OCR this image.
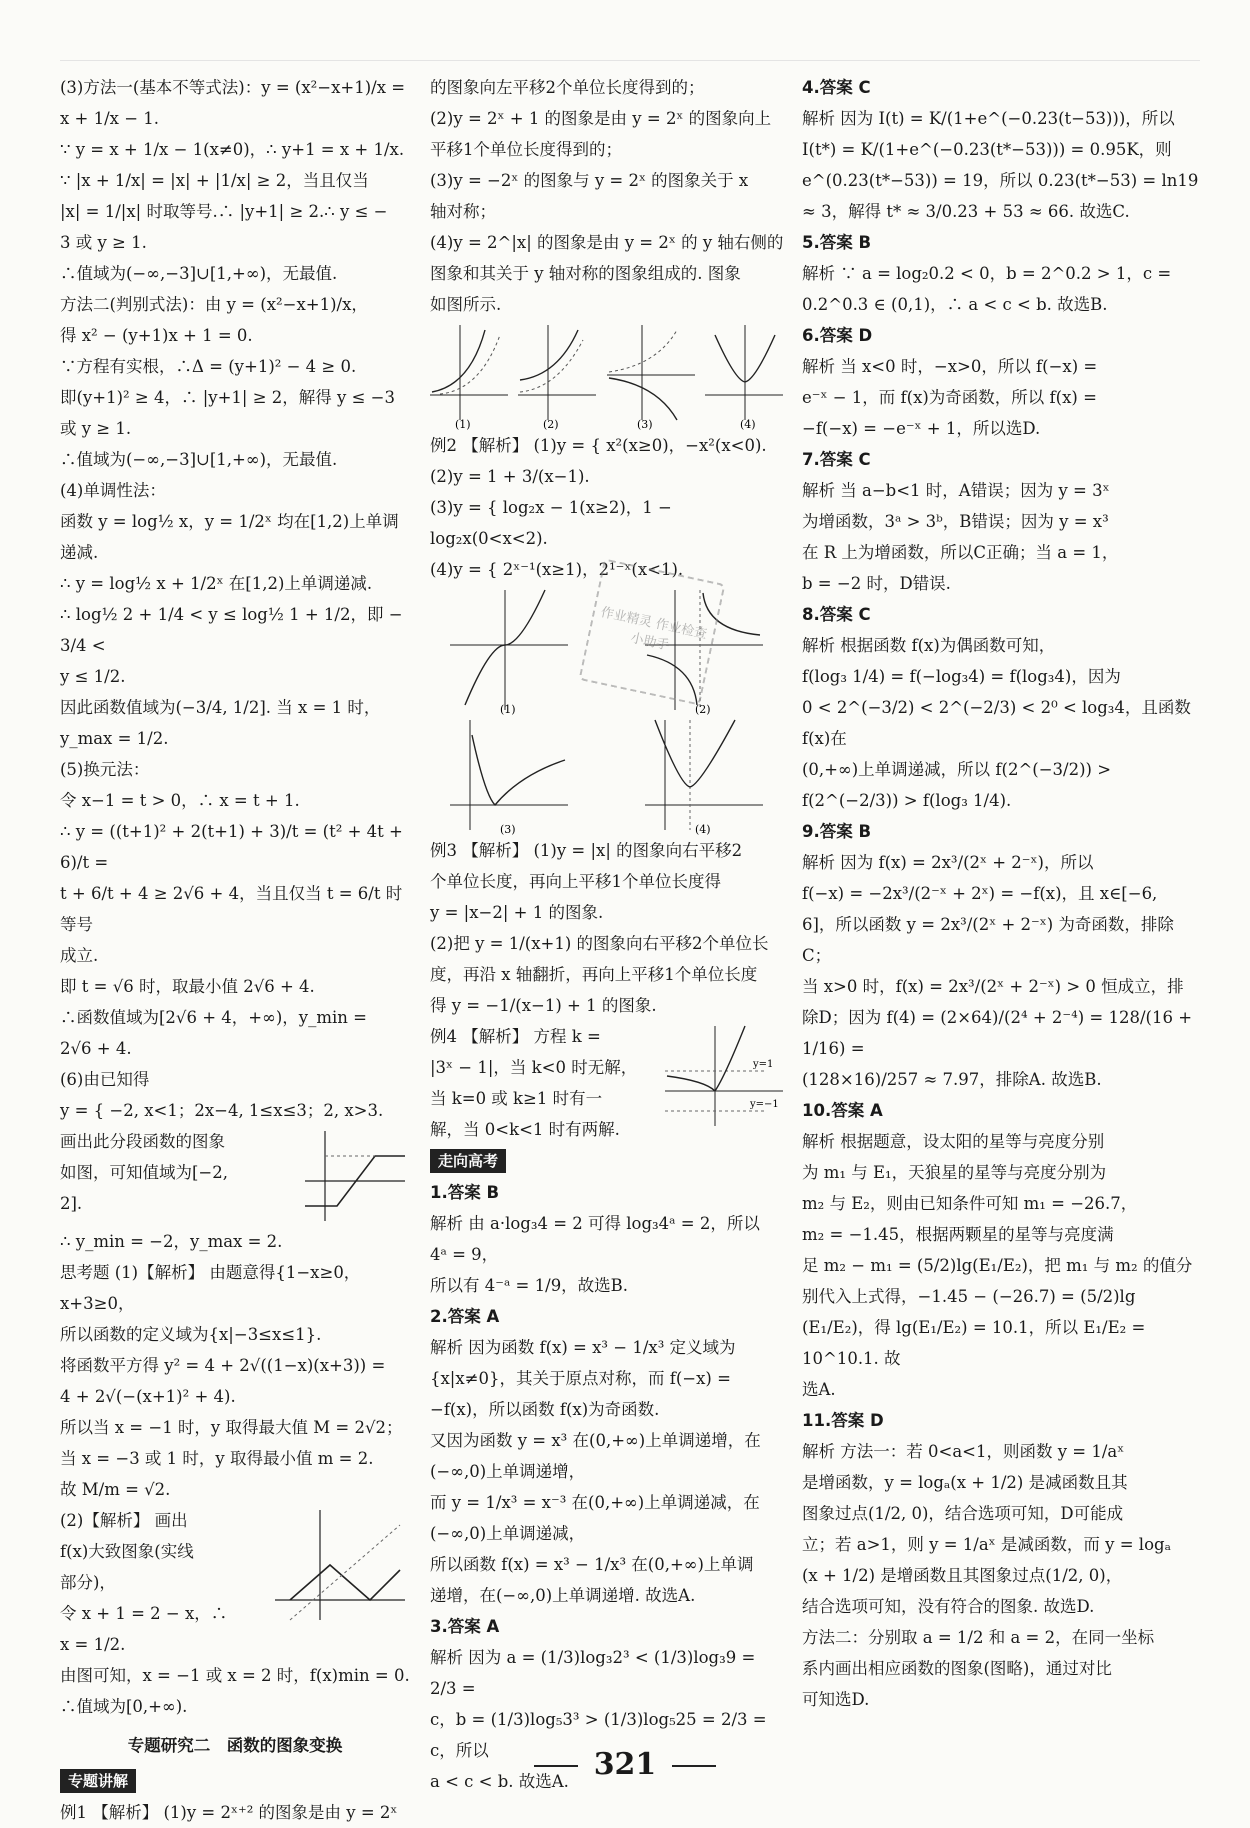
(3)方法一(基本不等式法)：y = (x²−x+1)/x =

x + 1/x − 1.

∵ y = x + 1/x − 1(x≠0)，∴ y+1 = x + 1/x.

∵ |x + 1/x| = |x| + |1/x| ≥ 2，当且仅当

|x| = 1/|x| 时取等号.∴ |y+1| ≥ 2.∴ y ≤ −

3 或 y ≥ 1.

∴值域为(−∞,−3]∪[1,+∞)，无最值.

方法二(判别式法)：由 y = (x²−x+1)/x，

得 x² − (y+1)x + 1 = 0.

∵方程有实根，∴Δ = (y+1)² − 4 ≥ 0.

即(y+1)² ≥ 4，∴ |y+1| ≥ 2，解得 y ≤ −3

或 y ≥ 1.

∴值域为(−∞,−3]∪[1,+∞)，无最值.

(4)单调性法：

函数 y = log½ x，y = 1/2ˣ 均在[1,2)上单调

递减.

∴ y = log½ x + 1/2ˣ 在[1,2)上单调递减.

∴ log½ 2 + 1/4 < y ≤ log½ 1 + 1/2，即 − 3/4 <

y ≤ 1/2.

因此函数值域为(−3/4, 1/2]. 当 x = 1 时，

y_max = 1/2.

(5)换元法：

令 x−1 = t > 0，∴ x = t + 1.

∴ y = ((t+1)² + 2(t+1) + 3)/t = (t² + 4t + 6)/t =

t + 6/t + 4 ≥ 2√6 + 4，当且仅当 t = 6/t 时等号

成立.

即 t = √6 时，取最小值 2√6 + 4.

∴函数值域为[2√6 + 4，+∞)，y_min =

2√6 + 4.

(6)由已知得

y = { −2, x<1；2x−4, 1≤x≤3；2, x>3.

画出此分段函数的图象

如图，可知值域为[−2,

2].

∴ y_min = −2，y_max = 2.

思考题 (1)【解析】 由题意得{1−x≥0，x+3≥0，

所以函数的定义域为{x|−3≤x≤1}.

将函数平方得 y² = 4 + 2√((1−x)(x+3)) =

4 + 2√(−(x+1)² + 4).

所以当 x = −1 时，y 取得最大值 M = 2√2；

当 x = −3 或 1 时，y 取得最小值 m = 2.

故 M/m = √2.

(2)【解析】 画出

f(x)大致图象(实线

部分)，

令 x + 1 = 2 − x，∴

x = 1/2.

由图可知，x = −1 或 x = 2 时，f(x)min = 0.

∴值域为[0,+∞).

专题研究二　函数的图象变换
专题讲解

例1 【解析】 (1)y = 2ˣ⁺² 的图象是由 y = 2ˣ

的图象向左平移2个单位长度得到的；

(2)y = 2ˣ + 1 的图象是由 y = 2ˣ 的图象向上

平移1个单位长度得到的；

(3)y = −2ˣ 的图象与 y = 2ˣ 的图象关于 x

轴对称；

(4)y = 2^|x| 的图象是由 y = 2ˣ 的 y 轴右侧的

图象和其关于 y 轴对称的图象组成的. 图象

如图所示.

(1)	(2)	(3)	(4)

例2 【解析】 (1)y = { x²(x≥0)，−x²(x<0).

(2)y = 1 + 3/(x−1).

(3)y = { log₂x − 1(x≥2)，1 − log₂x(0<x<2).

(4)y = { 2ˣ⁻¹(x≥1)，2¹⁻ˣ(x<1).

(1)	(2)
(3)	(4)

例3 【解析】 (1)y = |x| 的图象向右平移2

个单位长度，再向上平移1个单位长度得

y = |x−2| + 1 的图象.

(2)把 y = 1/(x+1) 的图象向右平移2个单位长

度，再沿 x 轴翻折，再向上平移1个单位长度

得 y = −1/(x−1) + 1 的图象.

例4 【解析】 方程 k =

|3ˣ − 1|，当 k<0 时无解，

当 k=0 或 k≥1 时有一

解，当 0<k<1 时有两解.

y=1
y=−1
走向高考

1.答案 B

解析 由 a·log₃4 = 2 可得 log₃4ᵃ = 2，所以

4ᵃ = 9，

所以有 4⁻ᵃ = 1/9，故选B.

2.答案 A

解析 因为函数 f(x) = x³ − 1/x³ 定义域为

{x|x≠0}，其关于原点对称，而 f(−x) =

−f(x)，所以函数 f(x)为奇函数.

又因为函数 y = x³ 在(0,+∞)上单调递增，在

(−∞,0)上单调递增，

而 y = 1/x³ = x⁻³ 在(0,+∞)上单调递减，在

(−∞,0)上单调递减，

所以函数 f(x) = x³ − 1/x³ 在(0,+∞)上单调

递增，在(−∞,0)上单调递增. 故选A.

3.答案 A

解析 因为 a = (1/3)log₃2³ < (1/3)log₃9 = 2/3 =

c，b = (1/3)log₅3³ > (1/3)log₅25 = 2/3 = c，所以

a < c < b. 故选A.

4.答案 C

解析 因为 I(t) = K/(1+e^(−0.23(t−53)))，所以

I(t*) = K/(1+e^(−0.23(t*−53))) = 0.95K，则

e^(0.23(t*−53)) = 19，所以 0.23(t*−53) = ln19

≈ 3，解得 t* ≈ 3/0.23 + 53 ≈ 66. 故选C.

5.答案 B

解析 ∵ a = log₂0.2 < 0，b = 2^0.2 > 1，c =

0.2^0.3 ∈ (0,1)，∴ a < c < b. 故选B.

6.答案 D

解析 当 x<0 时，−x>0，所以 f(−x) =

e⁻ˣ − 1，而 f(x)为奇函数，所以 f(x) =

−f(−x) = −e⁻ˣ + 1，所以选D.

7.答案 C

解析 当 a−b<1 时，A错误；因为 y = 3ˣ

为增函数，3ᵃ > 3ᵇ，B错误；因为 y = x³

在 R 上为增函数，所以C正确；当 a = 1，

b = −2 时，D错误.

8.答案 C

解析 根据函数 f(x)为偶函数可知，

f(log₃ 1/4) = f(−log₃4) = f(log₃4)，因为

0 < 2^(−3/2) < 2^(−2/3) < 2⁰ < log₃4，且函数 f(x)在

(0,+∞)上单调递减，所以 f(2^(−3/2)) >

f(2^(−2/3)) > f(log₃ 1/4).

9.答案 B

解析 因为 f(x) = 2x³/(2ˣ + 2⁻ˣ)，所以

f(−x) = −2x³/(2⁻ˣ + 2ˣ) = −f(x)，且 x∈[−6,

6]，所以函数 y = 2x³/(2ˣ + 2⁻ˣ) 为奇函数，排除C；

当 x>0 时，f(x) = 2x³/(2ˣ + 2⁻ˣ) > 0 恒成立，排

除D；因为 f(4) = (2×64)/(2⁴ + 2⁻⁴) = 128/(16 + 1/16) =

(128×16)/257 ≈ 7.97，排除A. 故选B.

10.答案 A

解析 根据题意，设太阳的星等与亮度分别

为 m₁ 与 E₁，天狼星的星等与亮度分别为

m₂ 与 E₂，则由已知条件可知 m₁ = −26.7，

m₂ = −1.45，根据两颗星的星等与亮度满

足 m₂ − m₁ = (5/2)lg(E₁/E₂)，把 m₁ 与 m₂ 的值分

别代入上式得，−1.45 − (−26.7) = (5/2)lg

(E₁/E₂)，得 lg(E₁/E₂) = 10.1，所以 E₁/E₂ = 10^10.1. 故

选A.

11.答案 D

解析 方法一：若 0<a<1，则函数 y = 1/aˣ

是增函数，y = logₐ(x + 1/2) 是减函数且其

图象过点(1/2, 0)，结合选项可知，D可能成

立；若 a>1，则 y = 1/aˣ 是减函数，而 y = logₐ

(x + 1/2) 是增函数且其图象过点(1/2, 0)，

结合选项可知，没有符合的图象. 故选D.

方法二：分别取 a = 1/2 和 a = 2，在同一坐标

系内画出相应函数的图象(图略)，通过对比

可知选D.

作业精灵 作业检查小助手
321
